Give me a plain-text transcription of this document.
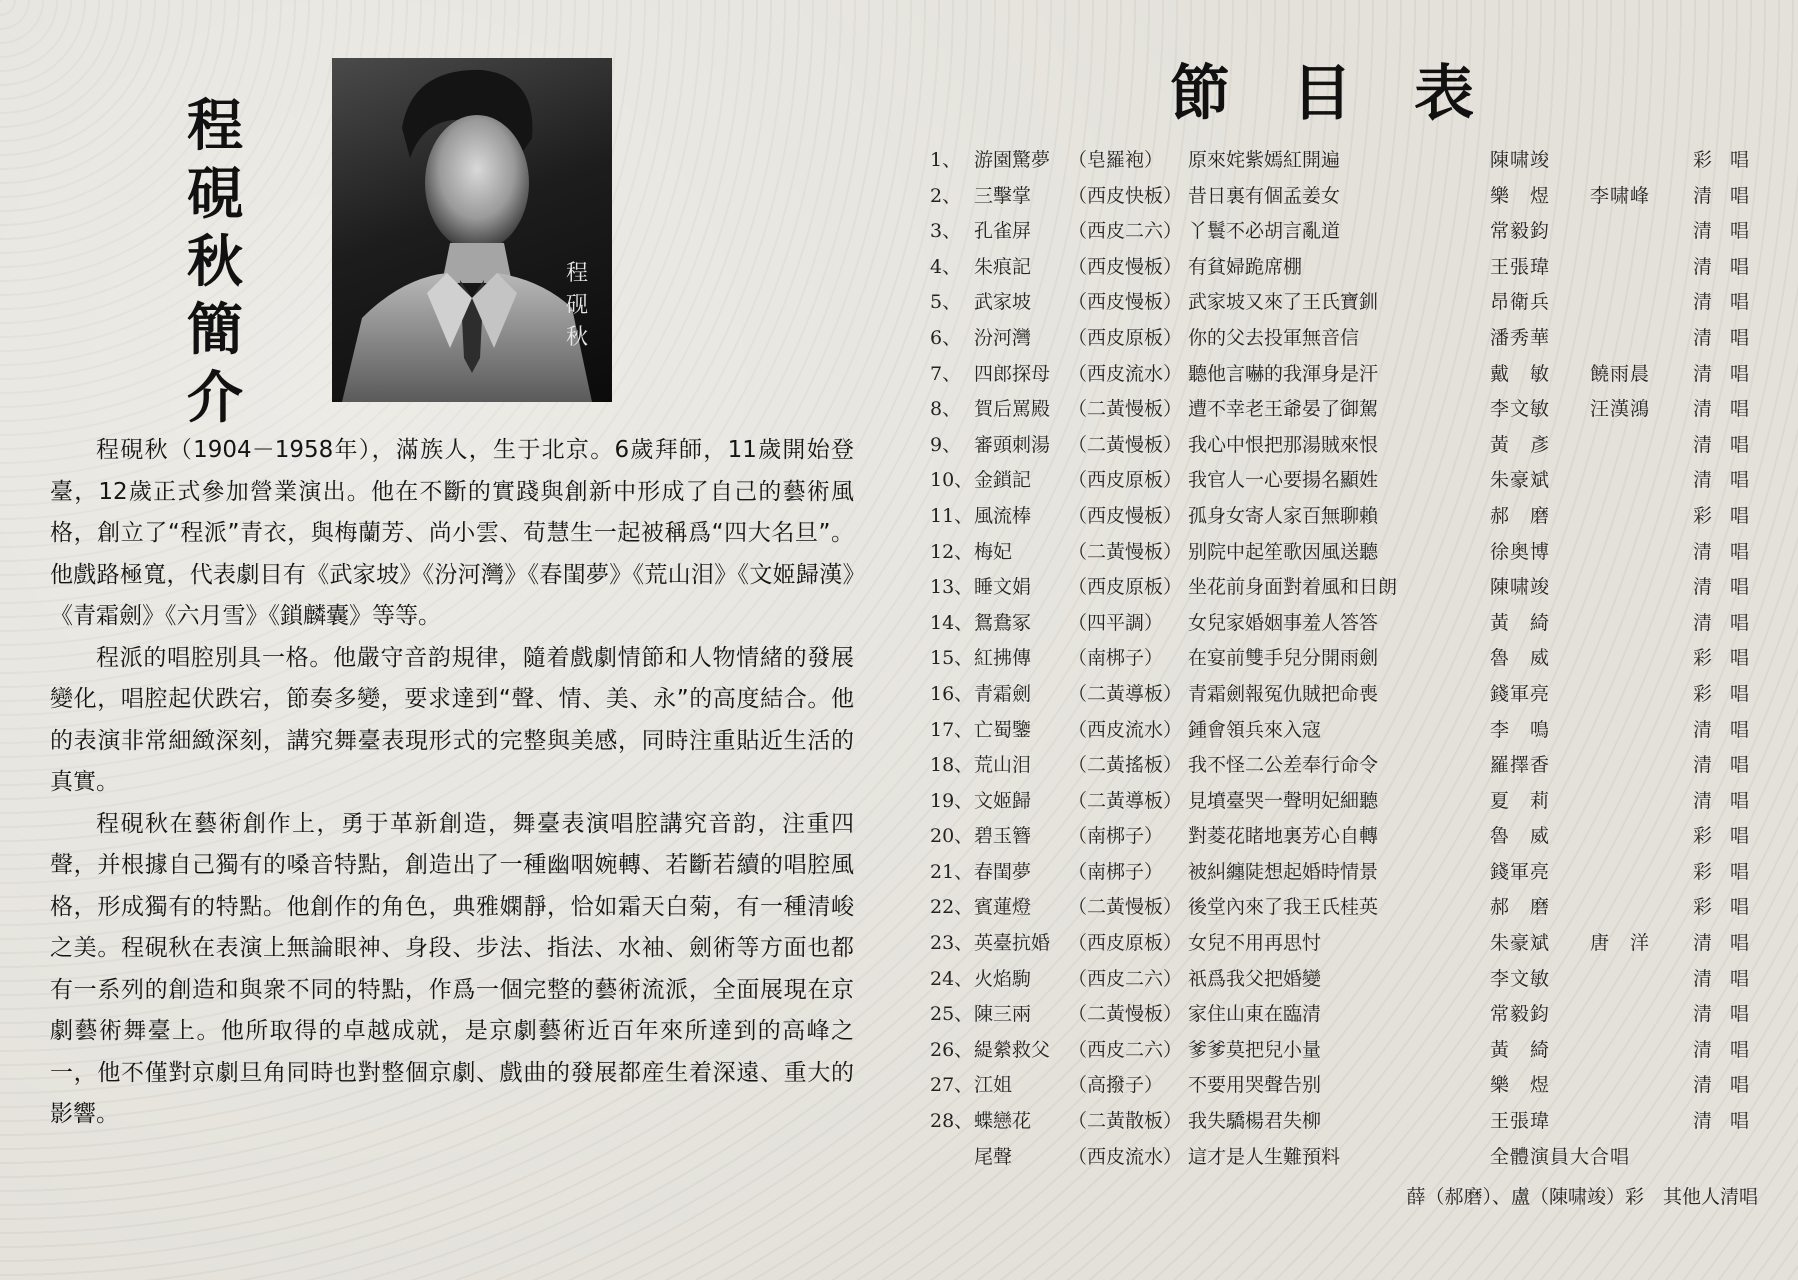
程
硯
秋
簡
介
程
砚
秋

程硯秋（1904－1958年），滿族人，生于北京。6歲拜師，11歲開始登臺，12歲正式參加營業演出。他在不斷的實踐與創新中形成了自己的藝術風格，創立了“程派”青衣，與梅蘭芳、尚小雲、荀慧生一起被稱爲“四大名旦”。他戲路極寬，代表劇目有《武家坡》《汾河灣》《春閨夢》《荒山泪》《文姬歸漢》《青霜劍》《六月雪》《鎖麟囊》等等。

程派的唱腔別具一格。他嚴守音韵規律，隨着戲劇情節和人物情緒的發展變化，唱腔起伏跌宕，節奏多變，要求達到“聲、情、美、永”的高度結合。他的表演非常細緻深刻，講究舞臺表現形式的完整與美感，同時注重貼近生活的真實。

程硯秋在藝術創作上，勇于革新創造，舞臺表演唱腔講究音韵，注重四聲，并根據自己獨有的嗓音特點，創造出了一種幽咽婉轉、若斷若續的唱腔風格，形成獨有的特點。他創作的角色，典雅嫻靜，恰如霜天白菊，有一種清峻之美。程硯秋在表演上無論眼神、身段、步法、指法、水袖、劍術等方面也都有一系列的創造和與衆不同的特點，作爲一個完整的藝術流派，全面展現在京劇藝術舞臺上。他所取得的卓越成就，是京劇藝術近百年來所達到的高峰之一，他不僅對京劇旦角同時也對整個京劇、戲曲的發展都産生着深遠、重大的影響。

節目表
1、 游園驚夢 （皂羅袍） 原來姹紫嫣紅開遍	陳啸竣	彩唱
2、 三擊掌 （西皮快板） 昔日裏有個孟姜女	樂　煜 李啸峰 清唱
3、 孔雀屏 （西皮二六） 丫鬟不必胡言亂道	常毅鈞	清唱
4、 朱痕記 （西皮慢板） 有貧婦跪席棚	王張瑋	清唱
5、 武家坡 （西皮慢板） 武家坡又來了王氏寶釧	昂衛兵	清唱
6、 汾河灣 （西皮原板） 你的父去投軍無音信	潘秀華	清唱
7、 四郎探母 （西皮流水） 聽他言嚇的我渾身是汗	戴　敏 饒雨晨 清唱
8、 賀后罵殿 （二黃慢板） 遭不幸老王爺晏了御駕	李文敏 汪漢鴻 清唱
9、 審頭刺湯 （二黃慢板） 我心中恨把那湯賊來恨	黃　彥	清唱
10、 金鎖記 （西皮原板） 我官人一心要揚名顯姓	朱豪斌	清唱
11、 風流棒 （西皮慢板） 孤身女寄人家百無聊賴	郝　磨	彩唱
12、 梅妃	（二黃慢板） 别院中起笙歌因風送聽	徐奥博	清唱
13、 睡文娟 （西皮原板） 坐花前身面對着風和日朗	陳啸竣	清唱
14、 鴛鴦冢 （四平調） 女兒家婚姻事羞人答答	黃　綺	清唱
15、 紅拂傳 （南梆子） 在宴前雙手兒分開雨劍	魯　威	彩唱
16、 青霜劍 （二黃導板） 青霜劍報冤仇賊把命喪	錢軍亮	彩唱
17、 亡蜀鑒 （西皮流水） 鍾會領兵來入寇	李　鳴	清唱
18、 荒山泪 （二黃搖板） 我不怪二公差奉行命令	羅擇香	清唱
19、 文姬歸 （二黃導板） 見墳臺哭一聲明妃細聽	夏　莉	清唱
20、 碧玉簪 （南梆子） 對菱花睹地裏芳心自轉	魯　威	彩唱
21、 春閨夢 （南梆子） 被糾纏陡想起婚時情景	錢軍亮	彩唱
22、 賓蓮燈 （二黃慢板） 後堂內來了我王氏桂英	郝　磨	彩唱
23、 英臺抗婚 （西皮原板） 女兒不用再思忖	朱豪斌 唐　洋 清唱
24、 火焰駒 （西皮二六） 祇爲我父把婚變	李文敏	清唱
25、 陳三兩 （二黃慢板） 家住山東在臨清	常毅鈞	清唱
26、 緹縈救父 （西皮二六） 爹爹莫把兒小量	黃　綺	清唱
27、 江姐	（高撥子） 不要用哭聲告别	樂　煜	清唱
28、 蝶戀花 （二黃散板） 我失驕楊君失柳	王張瑋	清唱
尾聲	（西皮流水） 這才是人生難預料	全體演員大合唱
薛（郝磨）、盧（陳啸竣）彩　其他人清唱
